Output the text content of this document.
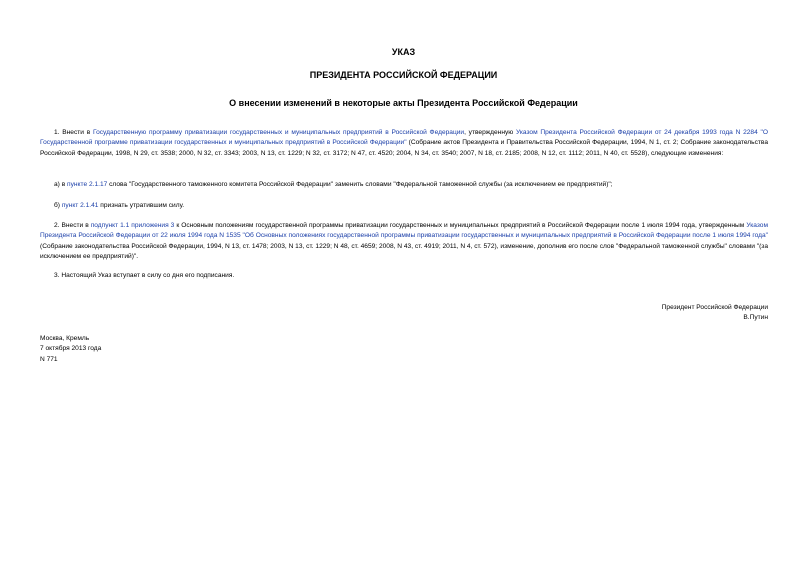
УКАЗ
ПРЕЗИДЕНТА РОССИЙСКОЙ ФЕДЕРАЦИИ
О внесении изменений в некоторые акты Президента Российской Федерации
1. Внести в Государственную программу приватизации государственных и муниципальных предприятий в Российской Федерации, утвержденную Указом Президента Российской Федерации от 24 декабря 1993 года N 2284 "О Государственной программе приватизации государственных и муниципальных предприятий в Российской Федерации" (Собрание актов Президента и Правительства Российской Федерации, 1994, N 1, ст. 2; Собрание законодательства Российской Федерации, 1998, N 29, ст. 3538; 2000, N 32, ст. 3343; 2003, N 13, ст. 1229; N 32, ст. 3172; N 47, ст. 4520; 2004, N 34, ст. 3540; 2007, N 18, ст. 2185; 2008, N 12, ст. 1112; 2011, N 40, ст. 5528), следующие изменения:
а) в пункте 2.1.17 слова "Государственного таможенного комитета Российской Федерации" заменить словами "Федеральной таможенной службы (за исключением ее предприятий)";
б) пункт 2.1.41 признать утратившим силу.
2. Внести в подпункт 1.1 приложения 3 к Основным положениям государственной программы приватизации государственных и муниципальных предприятий в Российской Федерации после 1 июля 1994 года, утвержденным Указом Президента Российской Федерации от 22 июля 1994 года N 1535 "Об Основных положениях государственной программы приватизации государственных и муниципальных предприятий в Российской Федерации после 1 июля 1994 года" (Собрание законодательства Российской Федерации, 1994, N 13, ст. 1478; 2003, N 13, ст. 1229; N 48, ст. 4659; 2008, N 43, ст. 4919; 2011, N 4, ст. 572), изменение, дополнив его после слов "Федеральной таможенной службы" словами "(за исключением ее предприятий)".
3. Настоящий Указ вступает в силу со дня его подписания.
Президент Российской Федерации
В.Путин
Москва, Кремль
7 октября 2013 года
N 771
